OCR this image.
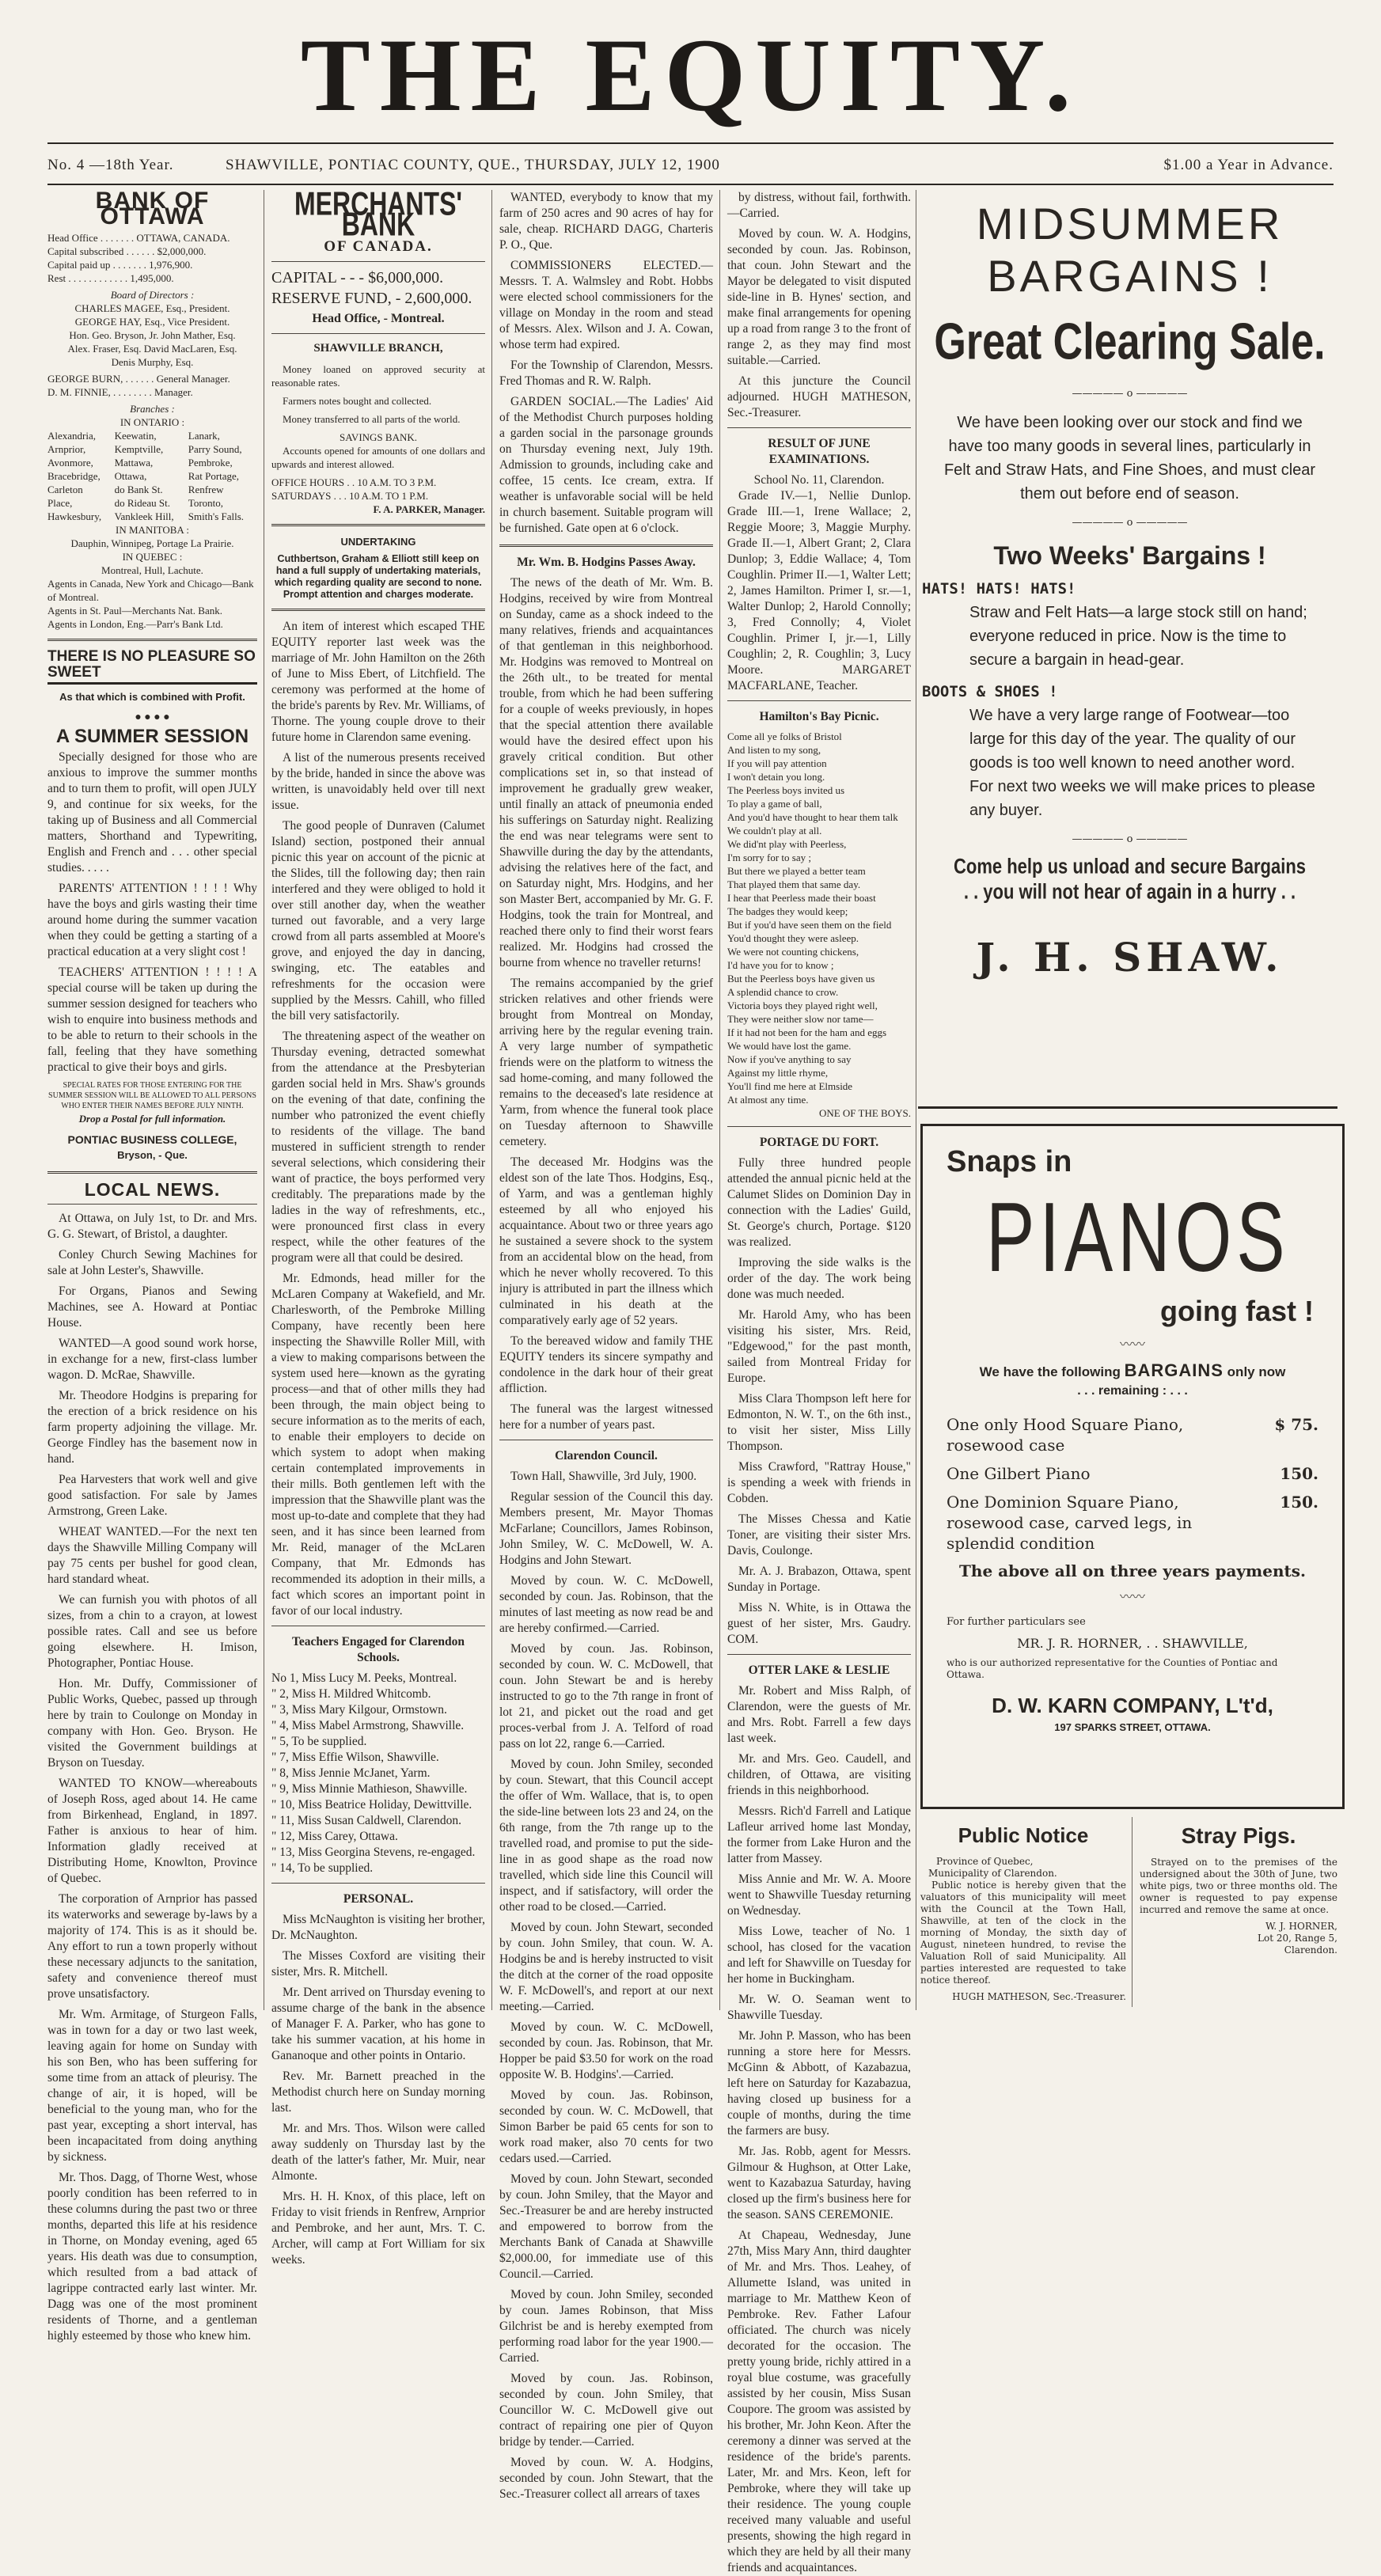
THE EQUITY.
No. 4 —18th Year.	SHAWVILLE, PONTIAC COUNTY, QUE., THURSDAY, JULY 12, 1900	$1.00 a Year in Advance.
BANK OF OTTAWA
Head Office . . . . . . . OTTAWA, CANADA.
Capital subscribed . . . . . . $2,000,000.
Capital paid up . . . . . . . 1,976,900.
Rest . . . . . . . . . . . . 1,495,000.
Board of Directors :
CHARLES MAGEE, Esq., President.
GEORGE HAY, Esq., Vice President.
Hon. Geo. Bryson, Jr. John Mather, Esq.
Alex. Fraser, Esq. David MacLaren, Esq.
Denis Murphy, Esq.
GEORGE BURN, . . . . . . General Manager.
D. M. FINNIE, . . . . . . . . Manager.
Branches :
IN ONTARIO :
Alexandria,	Keewatin,	Lanark,
Arnprior,	Kemptville,	Parry Sound,
Avonmore,	Mattawa,	Pembroke,
Bracebridge,	Ottawa,	Rat Portage,
Carleton	do Bank St.	Renfrew
Place,	do Rideau St.	Toronto,
Hawkesbury,	Vankleek Hill,	Smith's Falls.
IN MANITOBA :
Dauphin, Winnipeg, Portage La Prairie.
IN QUEBEC :
Montreal, Hull, Lachute.
Agents in Canada, New York and Chicago—Bank of Montreal.
Agents in St. Paul—Merchants Nat. Bank.
Agents in London, Eng.—Parr's Bank Ltd.
THERE IS NO PLEASURE SO SWEET
As that which is combined with Profit.
● ● ● ●
A SUMMER SESSION

Specially designed for those who are anxious to improve the summer months and to turn them to profit, will open JULY 9, and continue for six weeks, for the taking up of Business and all Commercial matters, Shorthand and Typewriting, English and French and . . . other special studies. . . . .

PARENTS' ATTENTION ! ! ! ! Why have the boys and girls wasting their time around home during the summer vacation when they could be getting a starting of a practical education at a very slight cost !

TEACHERS' ATTENTION ! ! ! ! A special course will be taken up during the summer session designed for teachers who wish to enquire into business methods and to be able to return to their schools in the fall, feeling that they have something practical to give their boys and girls.

SPECIAL RATES FOR THOSE ENTERING FOR THE SUMMER SESSION WILL BE ALLOWED TO ALL PERSONS WHO ENTER THEIR NAMES BEFORE JULY NINTH.
Drop a Postal for full information.
PONTIAC BUSINESS COLLEGE,
Bryson, - Que.
LOCAL NEWS.

At Ottawa, on July 1st, to Dr. and Mrs. G. G. Stewart, of Bristol, a daughter.

Conley Church Sewing Machines for sale at John Lester's, Shawville.

For Organs, Pianos and Sewing Machines, see A. Howard at Pontiac House.

WANTED—A good sound work horse, in exchange for a new, first-class lumber wagon. D. McRae, Shawville.

Mr. Theodore Hodgins is preparing for the erection of a brick residence on his farm property adjoining the village. Mr. George Findley has the basement now in hand.

Pea Harvesters that work well and give good satisfaction. For sale by James Armstrong, Green Lake.

WHEAT WANTED.—For the next ten days the Shawville Milling Company will pay 75 cents per bushel for good clean, hard standard wheat.

We can furnish you with photos of all sizes, from a chin to a crayon, at lowest possible rates. Call and see us before going elsewhere. H. Imison, Photographer, Pontiac House.

Hon. Mr. Duffy, Commissioner of Public Works, Quebec, passed up through here by train to Coulonge on Monday in company with Hon. Geo. Bryson. He visited the Government buildings at Bryson on Tuesday.

WANTED TO KNOW—whereabouts of Joseph Ross, aged about 14. He came from Birkenhead, England, in 1897. Father is anxious to hear of him. Information gladly received at Distributing Home, Knowlton, Province of Quebec.

The corporation of Arnprior has passed its waterworks and sewerage by-laws by a majority of 174. This is as it should be. Any effort to run a town properly without these necessary adjuncts to the sanitation, safety and convenience thereof must prove unsatisfactory.

Mr. Wm. Armitage, of Sturgeon Falls, was in town for a day or two last week, leaving again for home on Sunday with his son Ben, who has been suffering for some time from an attack of pleurisy. The change of air, it is hoped, will be beneficial to the young man, who for the past year, excepting a short interval, has been incapacitated from doing anything by sickness.

Mr. Thos. Dagg, of Thorne West, whose poorly condition has been referred to in these columns during the past two or three months, departed this life at his residence in Thorne, on Monday evening, aged 65 years. His death was due to consumption, which resulted from a bad attack of lagrippe contracted early last winter. Mr. Dagg was one of the most prominent residents of Thorne, and a gentleman highly esteemed by those who knew him.

MERCHANTS' BANK
OF CANADA.
CAPITAL - - - $6,000,000.
RESERVE FUND, - 2,600,000.
Head Office, - Montreal.
SHAWVILLE BRANCH,

Money loaned on approved security at reasonable rates.

Farmers notes bought and collected.

Money transferred to all parts of the world.

SAVINGS BANK.

Accounts opened for amounts of one dollars and upwards and interest allowed.

OFFICE HOURS . . 10 A.M. TO 3 P.M.
SATURDAYS . . . 10 A.M. TO 1 P.M.
F. A. PARKER, Manager.
UNDERTAKING
Cuthbertson, Graham & Elliott still keep on hand a full supply of undertaking materials, which regarding quality are second to none. Prompt attention and charges moderate.

An item of interest which escaped THE EQUITY reporter last week was the marriage of Mr. John Hamilton on the 26th of June to Miss Ebert, of Litchfield. The ceremony was performed at the home of the bride's parents by Rev. Mr. Williams, of Thorne. The young couple drove to their future home in Clarendon same evening.

A list of the numerous presents received by the bride, handed in since the above was written, is unavoidably held over till next issue.

The good people of Dunraven (Calumet Island) section, postponed their annual picnic this year on account of the picnic at the Slides, till the following day; then rain interfered and they were obliged to hold it over still another day, when the weather turned out favorable, and a very large crowd from all parts assembled at Moore's grove, and enjoyed the day in dancing, swinging, etc. The eatables and refreshments for the occasion were supplied by the Messrs. Cahill, who filled the bill very satisfactorily.

The threatening aspect of the weather on Thursday evening, detracted somewhat from the attendance at the Presbyterian garden social held in Mrs. Shaw's grounds on the evening of that date, confining the number who patronized the event chiefly to residents of the village. The band mustered in sufficient strength to render several selections, which considering their want of practice, the boys performed very creditably. The preparations made by the ladies in the way of refreshments, etc., were pronounced first class in every respect, while the other features of the program were all that could be desired.

Mr. Edmonds, head miller for the McLaren Company at Wakefield, and Mr. Charlesworth, of the Pembroke Milling Company, have recently been here inspecting the Shawville Roller Mill, with a view to making comparisons between the system used here—known as the gyrating process—and that of other mills they had been through, the main object being to secure information as to the merits of each, to enable their employers to decide on which system to adopt when making certain contemplated improvements in their mills. Both gentlemen left with the impression that the Shawville plant was the most up-to-date and complete that they had seen, and it has since been learned from Mr. Reid, manager of the McLaren Company, that Mr. Edmonds has recommended its adoption in their mills, a fact which scores an important point in favor of our local industry.

Teachers Engaged for Clarendon Schools.
No 1, Miss Lucy M. Peeks, Montreal.
" 2, Miss H. Mildred Whitcomb.
" 3, Miss Mary Kilgour, Ormstown.
" 4, Miss Mabel Armstrong, Shawville.
" 5, To be supplied.
" 7, Miss Effie Wilson, Shawville.
" 8, Miss Jennie McJanet, Yarm.
" 9, Miss Minnie Mathieson, Shawville.
" 10, Miss Beatrice Holiday, Dewittville.
" 11, Miss Susan Caldwell, Clarendon.
" 12, Miss Carey, Ottawa.
" 13, Miss Georgina Stevens, re-engaged.
" 14, To be supplied.
PERSONAL.

Miss McNaughton is visiting her brother, Dr. McNaughton.

The Misses Coxford are visiting their sister, Mrs. R. Mitchell.

Mr. Dent arrived on Thursday evening to assume charge of the bank in the absence of Manager F. A. Parker, who has gone to take his summer vacation, at his home in Gananoque and other points in Ontario.

Rev. Mr. Barnett preached in the Methodist church here on Sunday morning last.

Mr. and Mrs. Thos. Wilson were called away suddenly on Thursday last by the death of the latter's father, Mr. Muir, near Almonte.

Mrs. H. H. Knox, of this place, left on Friday to visit friends in Renfrew, Arnprior and Pembroke, and her aunt, Mrs. T. C. Archer, will camp at Fort William for six weeks.

WANTED, everybody to know that my farm of 250 acres and 90 acres of hay for sale, cheap. RICHARD DAGG, Charteris P. O., Que.

COMMISSIONERS ELECTED.—Messrs. T. A. Walmsley and Robt. Hobbs were elected school commissioners for the village on Monday in the room and stead of Messrs. Alex. Wilson and J. A. Cowan, whose term had expired.

For the Township of Clarendon, Messrs. Fred Thomas and R. W. Ralph.

GARDEN SOCIAL.—The Ladies' Aid of the Methodist Church purposes holding a garden social in the parsonage grounds on Thursday evening next, July 19th. Admission to grounds, including cake and coffee, 15 cents. Ice cream, extra. If weather is unfavorable social will be held in church basement. Suitable program will be furnished. Gate open at 6 o'clock.

Mr. Wm. B. Hodgins Passes Away.

The news of the death of Mr. Wm. B. Hodgins, received by wire from Montreal on Sunday, came as a shock indeed to the many relatives, friends and acquaintances of that gentleman in this neighborhood. Mr. Hodgins was removed to Montreal on the 26th ult., to be treated for mental trouble, from which he had been suffering for a couple of weeks previously, in hopes that the special attention there available would have the desired effect upon his gravely critical condition. But other complications set in, so that instead of improvement he gradually grew weaker, until finally an attack of pneumonia ended his sufferings on Saturday night. Realizing the end was near telegrams were sent to Shawville during the day by the attendants, advising the relatives here of the fact, and on Saturday night, Mrs. Hodgins, and her son Master Bert, accompanied by Mr. G. F. Hodgins, took the train for Montreal, and reached there only to find their worst fears realized. Mr. Hodgins had crossed the bourne from whence no traveller returns!

The remains accompanied by the grief stricken relatives and other friends were brought from Montreal on Monday, arriving here by the regular evening train. A very large number of sympathetic friends were on the platform to witness the sad home-coming, and many followed the remains to the deceased's late residence at Yarm, from whence the funeral took place on Tuesday afternoon to Shawville cemetery.

The deceased Mr. Hodgins was the eldest son of the late Thos. Hodgins, Esq., of Yarm, and was a gentleman highly esteemed by all who enjoyed his acquaintance. About two or three years ago he sustained a severe shock to the system from an accidental blow on the head, from which he never wholly recovered. To this injury is attributed in part the illness which culminated in his death at the comparatively early age of 52 years.

To the bereaved widow and family THE EQUITY tenders its sincere sympathy and condolence in the dark hour of their great affliction.

The funeral was the largest witnessed here for a number of years past.

Clarendon Council.

Town Hall, Shawville, 3rd July, 1900.

Regular session of the Council this day. Members present, Mr. Mayor Thomas McFarlane; Councillors, James Robinson, John Smiley, W. C. McDowell, W. A. Hodgins and John Stewart.

Moved by coun. W. C. McDowell, seconded by coun. Jas. Robinson, that the minutes of last meeting as now read be and are hereby confirmed.—Carried.

Moved by coun. Jas. Robinson, seconded by coun. W. C. McDowell, that coun. John Stewart be and is hereby instructed to go to the 7th range in front of lot 21, and picket out the road and get proces-verbal from J. A. Telford of road pass on lot 22, range 6.—Carried.

Moved by coun. John Smiley, seconded by coun. Stewart, that this Council accept the offer of Wm. Wallace, that is, to open the side-line between lots 23 and 24, on the 6th range, from the 7th range up to the travelled road, and promise to put the side-line in as good shape as the road now travelled, which side line this Council will inspect, and if satisfactory, will order the other road to be closed.—Carried.

Moved by coun. John Stewart, seconded by coun. John Smiley, that coun. W. A. Hodgins be and is hereby instructed to visit the ditch at the corner of the road opposite W. F. McDowell's, and report at our next meeting.—Carried.

Moved by coun. W. C. McDowell, seconded by coun. Jas. Robinson, that Mr. Hopper be paid $3.50 for work on the road opposite W. B. Hodgins'.—Carried.

Moved by coun. Jas. Robinson, seconded by coun. W. C. McDowell, that Simon Barber be paid 65 cents for son to work road maker, also 70 cents for two cedars used.—Carried.

Moved by coun. John Stewart, seconded by coun. John Smiley, that the Mayor and Sec.-Treasurer be and are hereby instructed and empowered to borrow from the Merchants Bank of Canada at Shawville $2,000.00, for immediate use of this Council.—Carried.

Moved by coun. John Smiley, seconded by coun. James Robinson, that Miss Gilchrist be and is hereby exempted from performing road labor for the year 1900.—Carried.

Moved by coun. Jas. Robinson, seconded by coun. John Smiley, that Councillor W. C. McDowell give out contract of repairing one pier of Quyon bridge by tender.—Carried.

Moved by coun. W. A. Hodgins, seconded by coun. John Stewart, that the Sec.-Treasurer collect all arrears of taxes

by distress, without fail, forthwith.—Carried.

Moved by coun. W. A. Hodgins, seconded by coun. Jas. Robinson, that coun. John Stewart and the Mayor be delegated to visit disputed side-line in B. Hynes' section, and make final arrangements for opening up a road from range 3 to the front of range 2, as they may find most suitable.—Carried.

At this juncture the Council adjourned. HUGH MATHESON, Sec.-Treasurer.

RESULT OF JUNE EXAMINATIONS.
School No. 11, Clarendon.

Grade IV.—1, Nellie Dunlop. Grade III.—1, Irene Wallace; 2, Reggie Moore; 3, Maggie Murphy. Grade II.—1, Albert Grant; 2, Clara Dunlop; 3, Eddie Wallace; 4, Tom Coughlin. Primer II.—1, Walter Lett; 2, James Hamilton. Primer I, sr.—1, Walter Dunlop; 2, Harold Connolly; 3, Fred Connolly; 4, Violet Coughlin. Primer I, jr.—1, Lilly Coughlin; 2, R. Coughlin; 3, Lucy Moore. MARGARET MACFARLANE, Teacher.

Hamilton's Bay Picnic.

Come all ye folks of Bristol

And listen to my song,

If you will pay attention

I won't detain you long.

The Peerless boys invited us

To play a game of ball,

And you'd have thought to hear them talk

We couldn't play at all.

We did'nt play with Peerless,

I'm sorry for to say ;

But there we played a better team

That played them that same day.

I hear that Peerless made their boast

The badges they would keep;

But if you'd have seen them on the field

You'd thought they were asleep.

We were not counting chickens,

I'd have you for to know ;

But the Peerless boys have given us

A splendid chance to crow.

Victoria boys they played right well,

They were neither slow nor tame—

If it had not been for the ham and eggs

We would have lost the game.

Now if you've anything to say

Against my little rhyme,

You'll find me here at Elmside

At almost any time.

ONE OF THE BOYS.

PORTAGE DU FORT.

Fully three hundred people attended the annual picnic held at the Calumet Slides on Dominion Day in connection with the Ladies' Guild, St. George's church, Portage. $120 was realized.

Improving the side walks is the order of the day. The work being done was much needed.

Mr. Harold Amy, who has been visiting his sister, Mrs. Reid, "Edgewood," for the past month, sailed from Montreal Friday for Europe.

Miss Clara Thompson left here for Edmonton, N. W. T., on the 6th inst., to visit her sister, Miss Lilly Thompson.

Miss Crawford, "Rattray House," is spending a week with friends in Cobden.

The Misses Chessa and Katie Toner, are visiting their sister Mrs. Davis, Coulonge.

Mr. A. J. Brabazon, Ottawa, spent Sunday in Portage.

Miss N. White, is in Ottawa the guest of her sister, Mrs. Gaudry. COM.

OTTER LAKE & LESLIE

Mr. Robert and Miss Ralph, of Clarendon, were the guests of Mr. and Mrs. Robt. Farrell a few days last week.

Mr. and Mrs. Geo. Caudell, and children, of Ottawa, are visiting friends in this neighborhood.

Messrs. Rich'd Farrell and Latique Lafleur arrived home last Monday, the former from Lake Huron and the latter from Massey.

Miss Annie and Mr. W. A. Moore went to Shawville Tuesday returning on Wednesday.

Miss Lowe, teacher of No. 1 school, has closed for the vacation and left for Shawville on Tuesday for her home in Buckingham.

Mr. W. O. Seaman went to Shawville Tuesday.

Mr. John P. Masson, who has been running a store here for Messrs. McGinn & Abbott, of Kazabazua, left here on Saturday for Kazabazua, having closed up business for a couple of months, during the time the farmers are busy.

Mr. Jas. Robb, agent for Messrs. Gilmour & Hughson, at Otter Lake, went to Kazabazua Saturday, having closed up the firm's business here for the season. SANS CEREMONIE.

At Chapeau, Wednesday, June 27th, Miss Mary Ann, third daughter of Mr. and Mrs. Thos. Leahey, of Allumette Island, was united in marriage to Mr. Matthew Keon of Pembroke. Rev. Father Lafour officiated. The church was nicely decorated for the occasion. The pretty young bride, richly attired in a royal blue costume, was gracefully assisted by her cousin, Miss Susan Coupore. The groom was assisted by his brother, Mr. John Keon. After the ceremony a dinner was served at the residence of the bride's parents. Later, Mr. and Mrs. Keon, left for Pembroke, where they will take up their residence. The young couple received many valuable and useful presents, showing the high regard in which they are held by all their many friends and acquaintances.

MIDSUMMER
BARGAINS !
Great Clearing Sale.
————— o —————
We have been looking over our stock and find we have too many goods in several lines, particularly in Felt and Straw Hats, and Fine Shoes, and must clear them out before end of season.
————— o —————
Two Weeks' Bargains !
HATS! HATS! HATS!
Straw and Felt Hats—a large stock still on hand; everyone reduced in price. Now is the time to secure a bargain in head-gear.
BOOTS & SHOES !
We have a very large range of Footwear—too large for this day of the year. The quality of our goods is too well known to need another word. For next two weeks we will make prices to please any buyer.
————— o —————
Come help us unload and secure Bargains
. . you will not hear of again in a hurry . .
J. H. SHAW.
Snaps in
PIANOS
going fast !
〰〰
We have the following BARGAINS only now
. . . remaining : . . .
One only Hood Square Piano, rosewood case
$ 75.
One Gilbert Piano	150.
One Dominion Square Piano, rosewood case, carved legs, in splendid condition
150.
The above all on three years payments.
〰〰
For further particulars see
MR. J. R. HORNER, . . SHAWVILLE,
who is our authorized representative for the Counties of Pontiac and Ottawa.
D. W. KARN COMPANY, L't'd,
197 SPARKS STREET, OTTAWA.
Public Notice
Province of Quebec,
Municipality of Clarendon.

Public notice is hereby given that the valuators of this municipality will meet with the Council at the Town Hall, Shawville, at ten of the clock in the morning of Monday, the sixth day of August, nineteen hundred, to revise the Valuation Roll of said Municipality. All parties interested are requested to take notice thereof.

HUGH MATHESON, Sec.-Treasurer.
Stray Pigs.

Strayed on to the premises of the undersigned about the 30th of June, two white pigs, two or three months old. The owner is requested to pay expense incurred and remove the same at once.

W. J. HORNER,
Lot 20, Range 5,
Clarendon.
